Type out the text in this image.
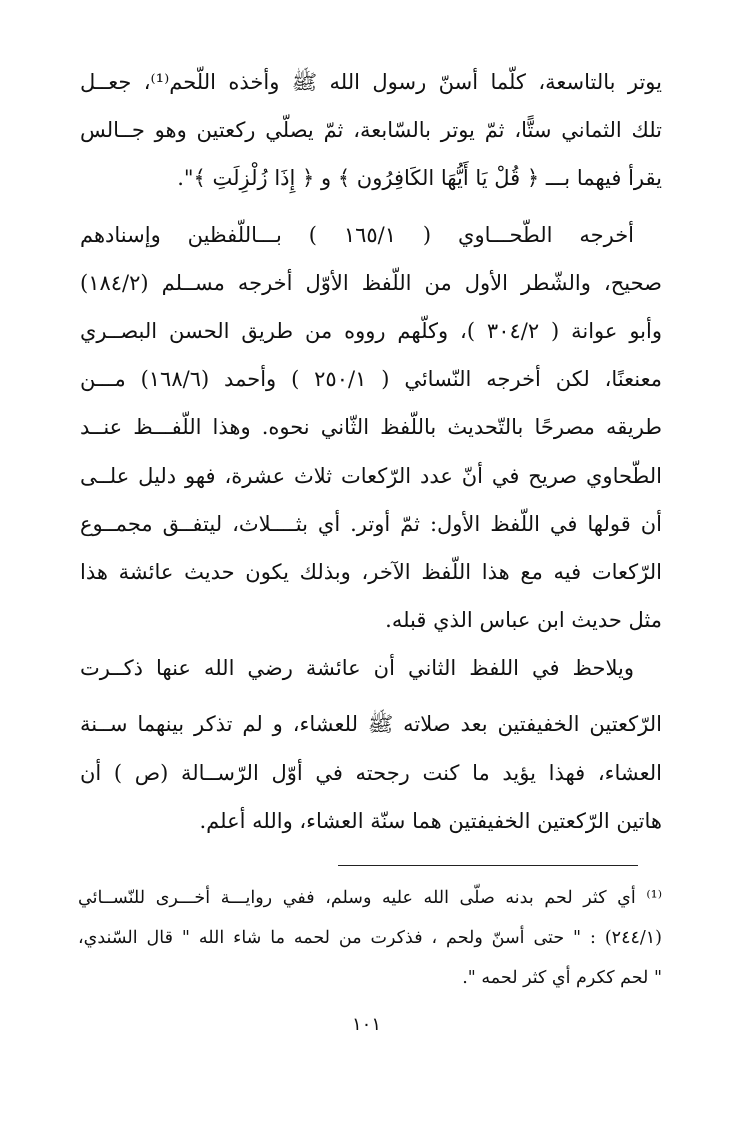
يوتر بالتاسعة، كلّما أسنّ رسول الله ﷺ وأخذه اللّحم⁽¹⁾، جعــل
تلك الثماني ستًّا، ثمّ يوتر بالسّابعة، ثمّ يصلّي ركعتين وهو جــالس
يقرأ فيهما بـــ ﴿ قُلْ يَا أَيُّهَا الكَافِرُون ﴾ و ﴿ إِذَا زُلْزِلَتِ ﴾".
أخرجه الطّحـــاوي ( ١٦٥/١ ) بـــاللّفظين وإسنادهم
صحيح، والشّطر الأول من اللّفظ الأوّل أخرجه مســلم (١٨٤/٢)
وأبو عوانة ( ٣٠٤/٢ )، وكلّهم رووه من طريق الحسن البصــري
معنعنًا، لكن أخرجه النّسائي ( ٢٥٠/١ ) وأحمد (١٦٨/٦) مـــن
طريقه مصرحًا بالتّحديث باللّفظ الثّاني نحوه. وهذا اللّفـــظ عنــد
الطّحاوي صريح في أنّ عدد الرّكعات ثلاث عشرة، فهو دليل علــى
أن قولها في اللّفظ الأول: ثمّ أوتر. أي بثــــلاث، ليتفــق مجمــوع
الرّكعات فيه مع هذا اللّفظ الآخر، وبذلك يكون حديث عائشة هذا
مثل حديث ابن عباس الذي قبله.
ويلاحظ في اللفظ الثاني أن عائشة رضي الله عنها ذكــرت
الرّكعتين الخفيفتين بعد صلاته ﷺ للعشاء، و لم تذكر بينهما ســنة
العشاء، فهذا يؤيد ما كنت رجحته في أوّل الرّســالة (ص ) أن
هاتين الرّكعتين الخفيفتين هما سنّة العشاء، والله أعلم.
⁽¹⁾ أي كثر لحم بدنه صلّى الله عليه وسلم، ففي روايـــة أخـــرى للنّســائي
(٢٤٤/١) : " حتى أسنّ ولحم ، فذكرت من لحمه ما شاء الله " قال السّندي،
" لحم ككرم أي كثر لحمه ".
١٠١
